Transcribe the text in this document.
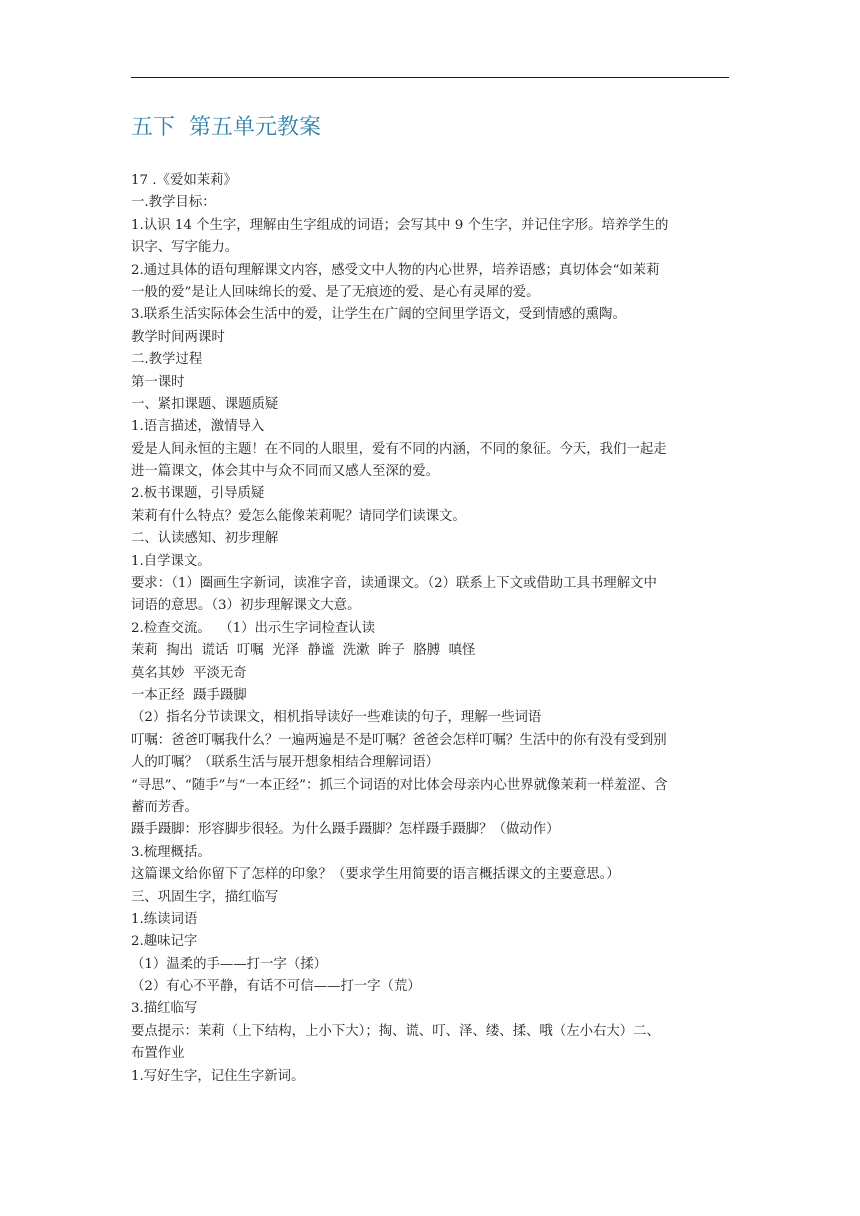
五下  第五单元教案

17 .《爱如茉莉》

一.教学目标：

1.认识 14 个生字，理解由生字组成的词语；会写其中 9 个生字，并记住字形。培养学生的

识字、写字能力。

2.通过具体的语句理解课文内容，感受文中人物的内心世界，培养语感；真切体会“如茉莉

一般的爱”是让人回味绵长的爱、是了无痕迹的爱、是心有灵犀的爱。

3.联系生活实际体会生活中的爱，让学生在广阔的空间里学语文，受到情感的熏陶。

教学时间两课时

二.教学过程

第一课时

一、紧扣课题、课题质疑

1.语言描述，激情导入

爱是人间永恒的主题！在不同的人眼里，爱有不同的内涵，不同的象征。今天，我们一起走

进一篇课文，体会其中与众不同而又感人至深的爱。

2.板书课题，引导质疑

茉莉有什么特点？爱怎么能像茉莉呢？请同学们读课文。

二、认读感知、初步理解

1.自学课文。

要求：（1）圈画生字新词，读准字音，读通课文。（2）联系上下文或借助工具书理解文中

词语的意思。（3）初步理解课文大意。

2.检查交流。  （1）出示生字词检查认读

茉莉  掏出  谎话  叮嘱  光泽  静谧  洗漱  眸子  胳膊  嗔怪

莫名其妙  平淡无奇

一本正经  蹑手蹑脚

（2）指名分节读课文，相机指导读好一些难读的句子，理解一些词语

叮嘱：爸爸叮嘱我什么？一遍两遍是不是叮嘱？爸爸会怎样叮嘱？生活中的你有没有受到别

人的叮嘱？（联系生活与展开想象相结合理解词语）

“寻思”、“随手”与“一本正经”：抓三个词语的对比体会母亲内心世界就像茉莉一样羞涩、含

蓄而芳香。

蹑手蹑脚：形容脚步很轻。为什么蹑手蹑脚？怎样蹑手蹑脚？（做动作）

3.梳理概括。

这篇课文给你留下了怎样的印象？（要求学生用简要的语言概括课文的主要意思。）

三、巩固生字，描红临写

1.练读词语

2.趣味记字

（1）温柔的手——打一字（揉）

（2）有心不平静，有话不可信——打一字（荒）

3.描红临写

要点提示：茉莉（上下结构，上小下大）；掏、谎、叮、泽、缕、揉、哦（左小右大）二、

布置作业

1.写好生字，记住生字新词。
